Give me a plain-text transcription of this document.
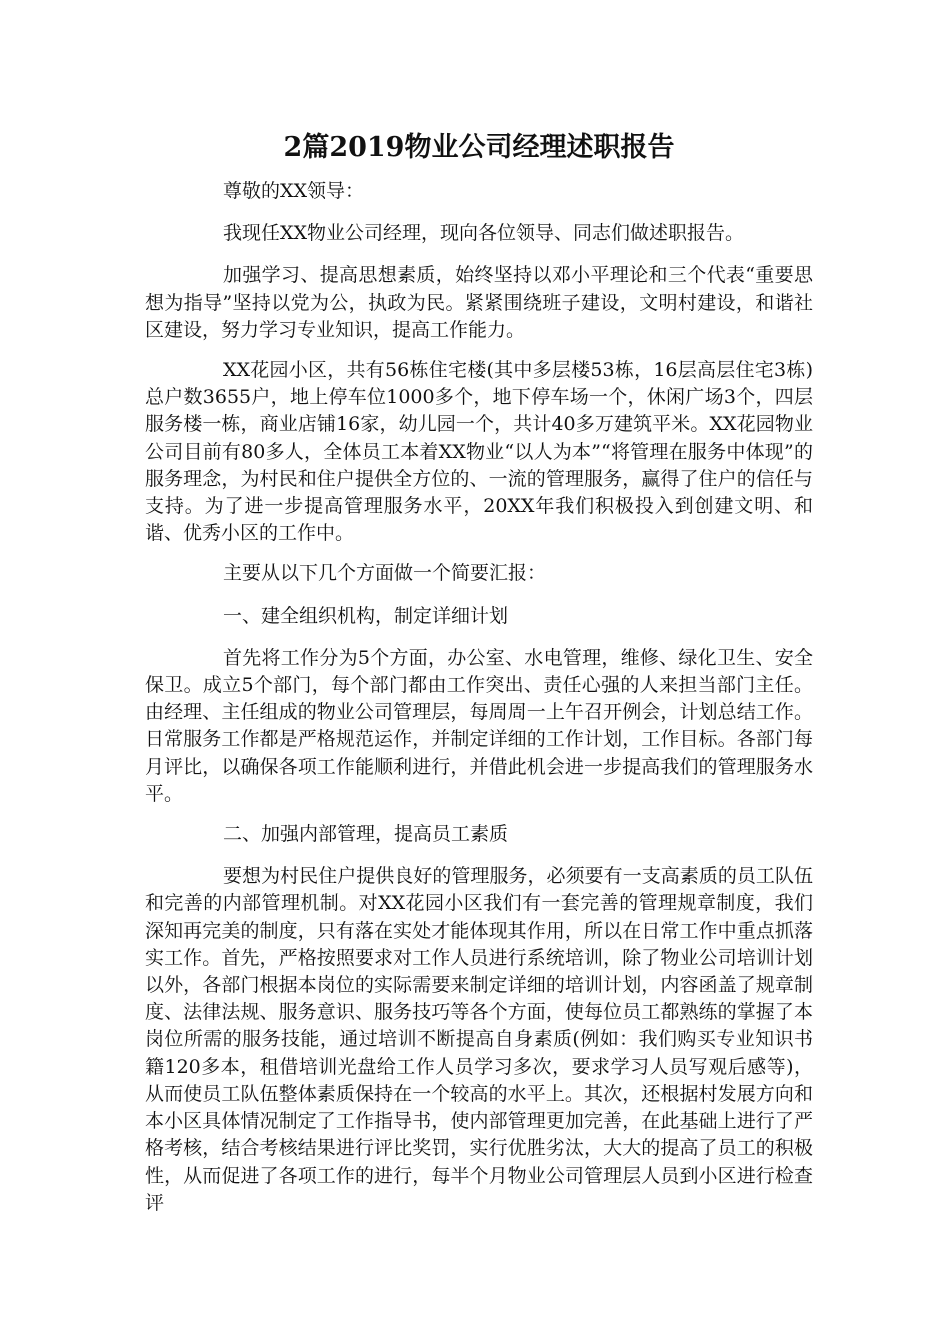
2篇2019物业公司经理述职报告

尊敬的XX领导：

我现任XX物业公司经理，现向各位领导、同志们做述职报告。

加强学习、提高思想素质，始终坚持以邓小平理论和三个代表“重要思想为指导”坚持以党为公，执政为民。紧紧围绕班子建设，文明村建设，和谐社区建设，努力学习专业知识，提高工作能力。

XX花园小区，共有56栋住宅楼(其中多层楼53栋，16层高层住宅3栋)总户数3655户，地上停车位1000多个，地下停车场一个，休闲广场3个，四层服务楼一栋，商业店铺16家，幼儿园一个，共计40多万建筑平米。XX花园物业公司目前有80多人，全体员工本着XX物业“以人为本”“将管理在服务中体现”的服务理念，为村民和住户提供全方位的、一流的管理服务，赢得了住户的信任与支持。为了进一步提高管理服务水平，20XX年我们积极投入到创建文明、和谐、优秀小区的工作中。

主要从以下几个方面做一个简要汇报：

一、建全组织机构，制定详细计划

首先将工作分为5个方面，办公室、水电管理，维修、绿化卫生、安全保卫。成立5个部门，每个部门都由工作突出、责任心强的人来担当部门主任。由经理、主任组成的物业公司管理层，每周周一上午召开例会，计划总结工作。日常服务工作都是严格规范运作，并制定详细的工作计划，工作目标。各部门每月评比，以确保各项工作能顺利进行，并借此机会进一步提高我们的管理服务水平。

二、加强内部管理，提高员工素质

要想为村民住户提供良好的管理服务，必须要有一支高素质的员工队伍和完善的内部管理机制。对XX花园小区我们有一套完善的管理规章制度，我们深知再完美的制度，只有落在实处才能体现其作用，所以在日常工作中重点抓落实工作。首先，严格按照要求对工作人员进行系统培训，除了物业公司培训计划以外，各部门根据本岗位的实际需要来制定详细的培训计划，内容函盖了规章制度、法律法规、服务意识、服务技巧等各个方面，使每位员工都熟练的掌握了本岗位所需的服务技能，通过培训不断提高自身素质(例如：我们购买专业知识书籍120多本，租借培训光盘给工作人员学习多次，要求学习人员写观后感等)，从而使员工队伍整体素质保持在一个较高的水平上。其次，还根据村发展方向和本小区具体情况制定了工作指导书，使内部管理更加完善，在此基础上进行了严格考核，结合考核结果进行评比奖罚，实行优胜劣汰，大大的提高了员工的积极性，从而促进了各项工作的进行，每半个月物业公司管理层人员到小区进行检查评
